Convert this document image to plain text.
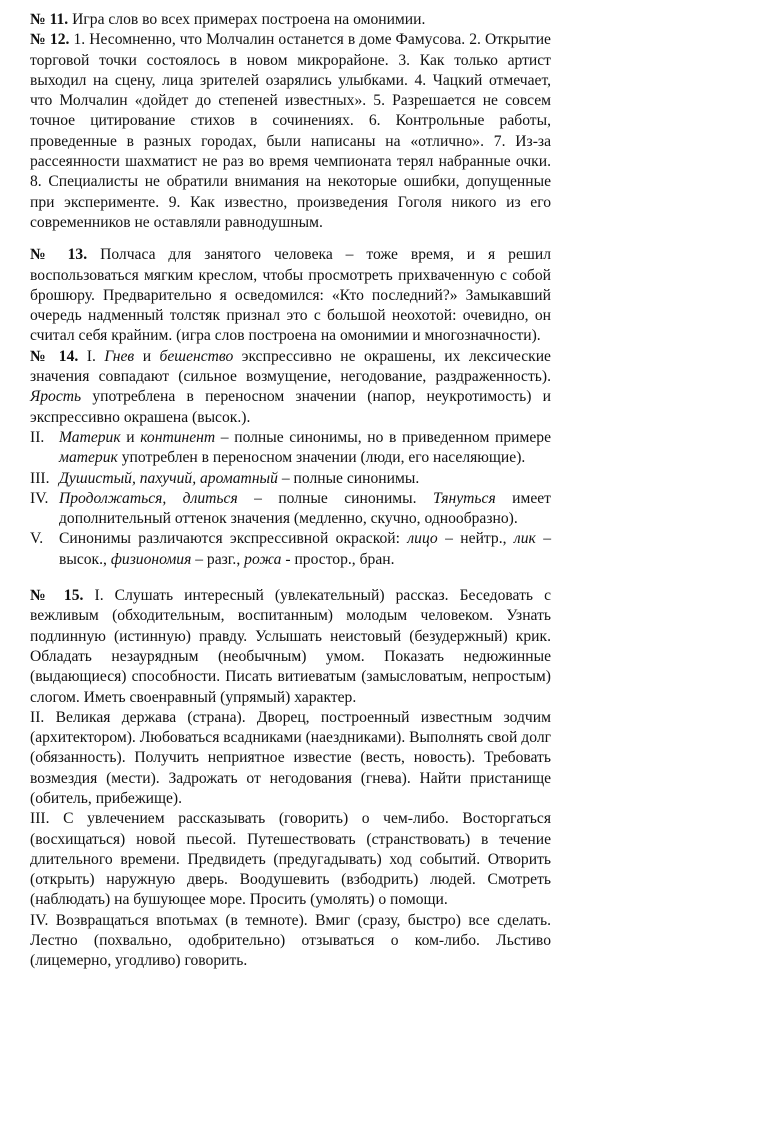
№ 11. Игра слов во всех примерах построена на омонимии.

№ 12. 1. Несомненно, что Молчалин останется в доме Фамусова. 2. Открытие торговой точки состоялось в новом микрорайоне. 3. Как только артист выходил на сцену, лица зрителей озарялись улыбками. 4. Чацкий отмечает, что Молчалин «дойдет до степеней известных». 5. Разрешается не совсем точное цитирование стихов в сочинениях. 6. Контрольные работы, проведенные в разных городах, были написаны на «отлично». 7. Из-за рассеянности шахматист не раз во время чемпионата терял набранные очки. 8. Специалисты не обратили внимания на некоторые ошибки, допущенные при эксперименте. 9. Как известно, произведения Гоголя никого из его современников не оставляли равнодушным.

№ 13. Полчаса для занятого человека – тоже время, и я решил воспользоваться мягким креслом, чтобы просмотреть прихваченную с собой брошюру. Предварительно я осведомился: «Кто последний?» Замыкавший очередь надменный толстяк признал это с большой неохотой: очевидно, он считал себя крайним. (игра слов построена на омонимии и многозначности).

№ 14. I. Гнев и бешенство экспрессивно не окрашены, их лексические значения совпадают (сильное возмущение, негодование, раздраженность). Ярость употреблена в переносном значении (напор, неукротимость) и экспрессивно окрашена (высок.).

II. Материк и континент – полные синонимы, но в приведенном примере материк употреблен в переносном значении (люди, его населяющие).
III. Душистый, пахучий, ароматный – полные синонимы.
IV. Продолжаться, длиться – полные синонимы. Тянуться имеет дополнительный оттенок значения (медленно, скучно, однообразно).
V.	Синонимы различаются экспрессивной окраской: лицо – нейтр., лик – высок., физиономия – разг., рожа - простор., бран.

№ 15. I. Слушать интересный (увлекательный) рассказ. Беседовать с вежливым (обходительным, воспитанным) молодым человеком. Узнать подлинную (истинную) правду. Услышать неистовый (безудержный) крик. Обладать незаурядным (необычным) умом. Показать недюжинные (выдающиеся) способности. Писать витиеватым (замысловатым, непростым) слогом. Иметь своенравный (упрямый) характер.

II. Великая держава (страна). Дворец, построенный известным зодчим (архитектором). Любоваться всадниками (наездниками). Выполнять свой долг (обязанность). Получить неприятное известие (весть, новость). Требовать возмездия (мести). Задрожать от негодования (гнева). Найти пристанище (обитель, прибежище).

III. С увлечением рассказывать (говорить) о чем-либо. Восторгаться (восхищаться) новой пьесой. Путешествовать (странствовать) в течение длительного времени. Предвидеть (предугадывать) ход событий. Отворить (открыть) наружную дверь. Воодушевить (взбодрить) людей. Смотреть (наблюдать) на бушующее море. Просить (умолять) о помощи.

IV. Возвращаться впотьмах (в темноте). Вмиг (сразу, быстро) все сделать. Лестно (похвально, одобрительно) отзываться о ком-либо. Льстиво (лицемерно, угодливо) говорить.
